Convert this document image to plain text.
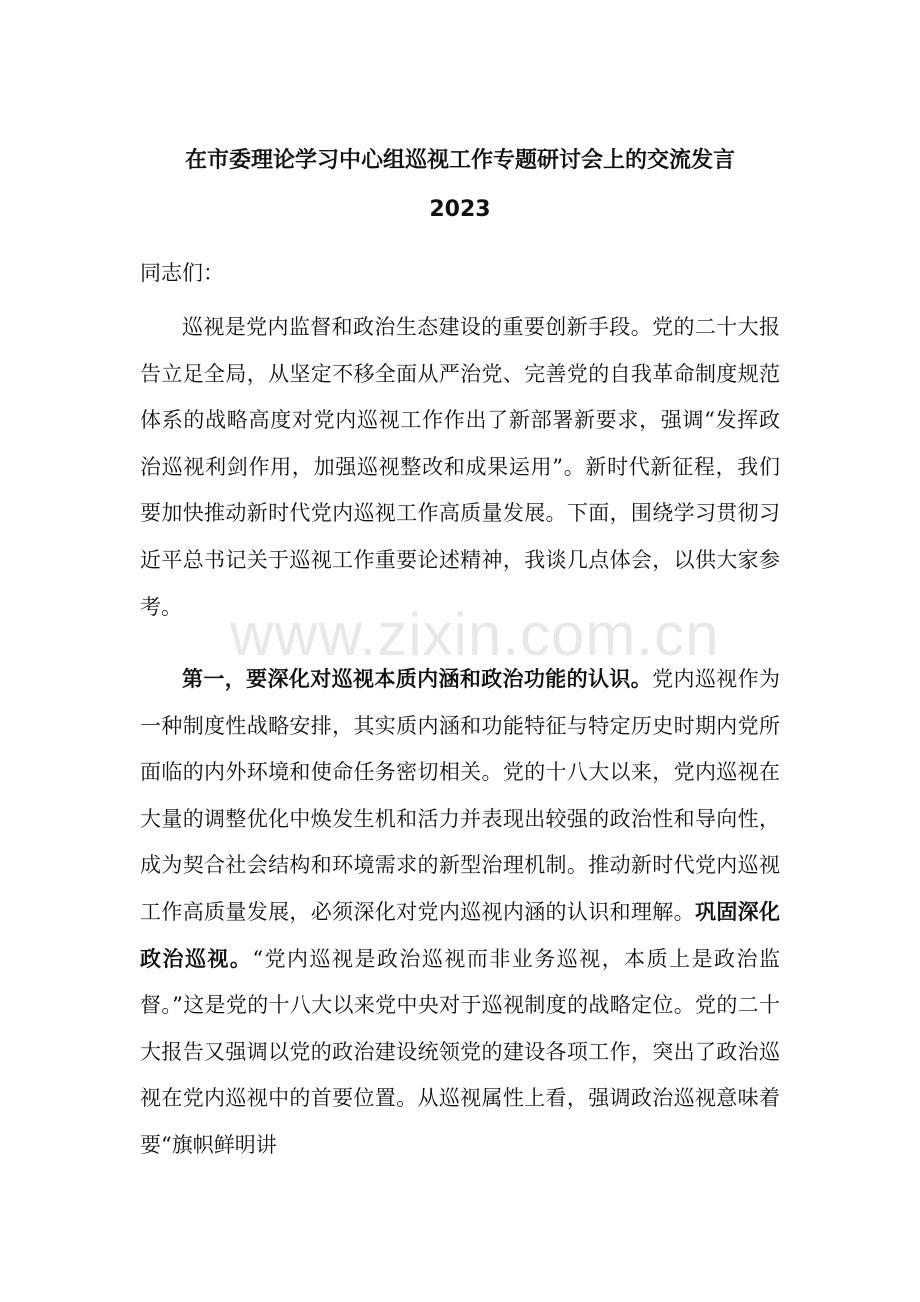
在市委理论学习中心组巡视工作专题研讨会上的交流发言
2023
同志们：

巡视是党内监督和政治生态建设的重要创新手段。党的二十大报告立足全局，从坚定不移全面从严治党、完善党的自我革命制度规范体系的战略高度对党内巡视工作作出了新部署新要求，强调“发挥政治巡视利剑作用，加强巡视整改和成果运用”。新时代新征程，我们要加快推动新时代党内巡视工作高质量发展。下面，围绕学习贯彻习近平总书记关于巡视工作重要论述精神，我谈几点体会，以供大家参考。

第一，要深化对巡视本质内涵和政治功能的认识。党内巡视作为一种制度性战略安排，其实质内涵和功能特征与特定历史时期内党所面临的内外环境和使命任务密切相关。党的十八大以来，党内巡视在大量的调整优化中焕发生机和活力并表现出较强的政治性和导向性，成为契合社会结构和环境需求的新型治理机制。推动新时代党内巡视工作高质量发展，必须深化对党内巡视内涵的认识和理解。巩固深化政治巡视。“党内巡视是政治巡视而非业务巡视，本质上是政治监督。”这是党的十八大以来党中央对于巡视制度的战略定位。党的二十大报告又强调以党的政治建设统领党的建设各项工作，突出了政治巡视在党内巡视中的首要位置。从巡视属性上看，强调政治巡视意味着要“旗帜鲜明讲

www.zixin.com.cn
